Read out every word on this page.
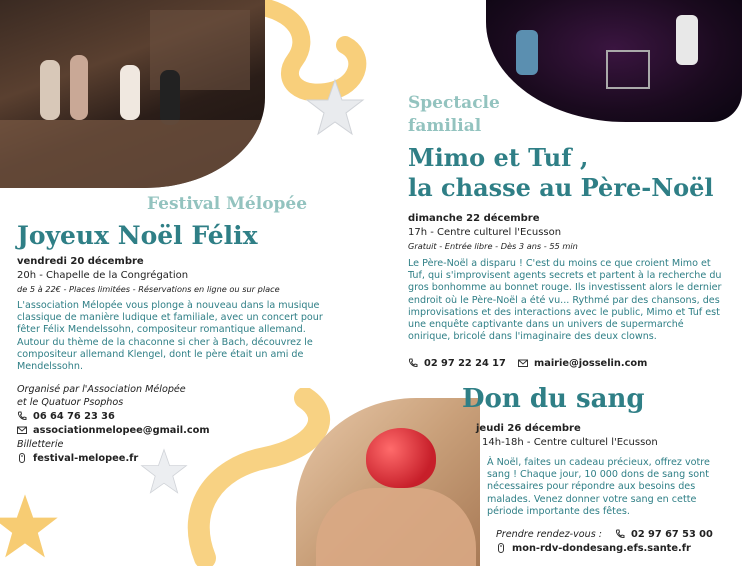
Festival Mélopée
Joyeux Noël Félix
vendredi 20 décembre
20h - Chapelle de la Congrégation
de 5 à 22€ - Places limitées - Réservations en ligne ou sur place
L'association Mélopée vous plonge à nouveau dans la musique classique de manière ludique et familiale, avec un concert pour fêter Félix Mendelssohn, compositeur romantique allemand. Autour du thème de la chaconne si cher à Bach, découvrez le compositeur allemand Klengel, dont le père était un ami de Mendelssohn.
Organisé par l'Association Mélopée
et le Quatuor Psophos
06 64 76 23 36
associationmelopee@gmail.com
Billetterie
festival-melopee.fr
Spectacle
familial
Mimo et Tuf ,
la chasse au Père-Noël
dimanche 22 décembre
17h - Centre culturel l'Ecusson
Gratuit - Entrée libre - Dès 3 ans - 55 min
Le Père-Noël a disparu ! C'est du moins ce que croient Mimo et Tuf, qui s'improvisent agents secrets et partent à la recherche du gros bonhomme au bonnet rouge. Ils investissent alors le dernier endroit où le Père-Noël a été vu... Rythmé par des chansons, des improvisations et des interactions avec le public, Mimo et Tuf est une enquête captivante dans un univers de supermarché onirique, bricolé dans l'imaginaire des deux clowns.
02 97 22 24 17	mairie@josselin.com
Don du sang
jeudi 26 décembre
14h-18h - Centre culturel l'Ecusson
À Noël, faites un cadeau précieux, offrez votre sang ! Chaque jour, 10 000 dons de sang sont nécessaires pour répondre aux besoins des malades. Venez donner votre sang en cette période importante des fêtes.
Prendre rendez-vous :	02 97 67 53 00
mon-rdv-dondesang.efs.sante.fr
